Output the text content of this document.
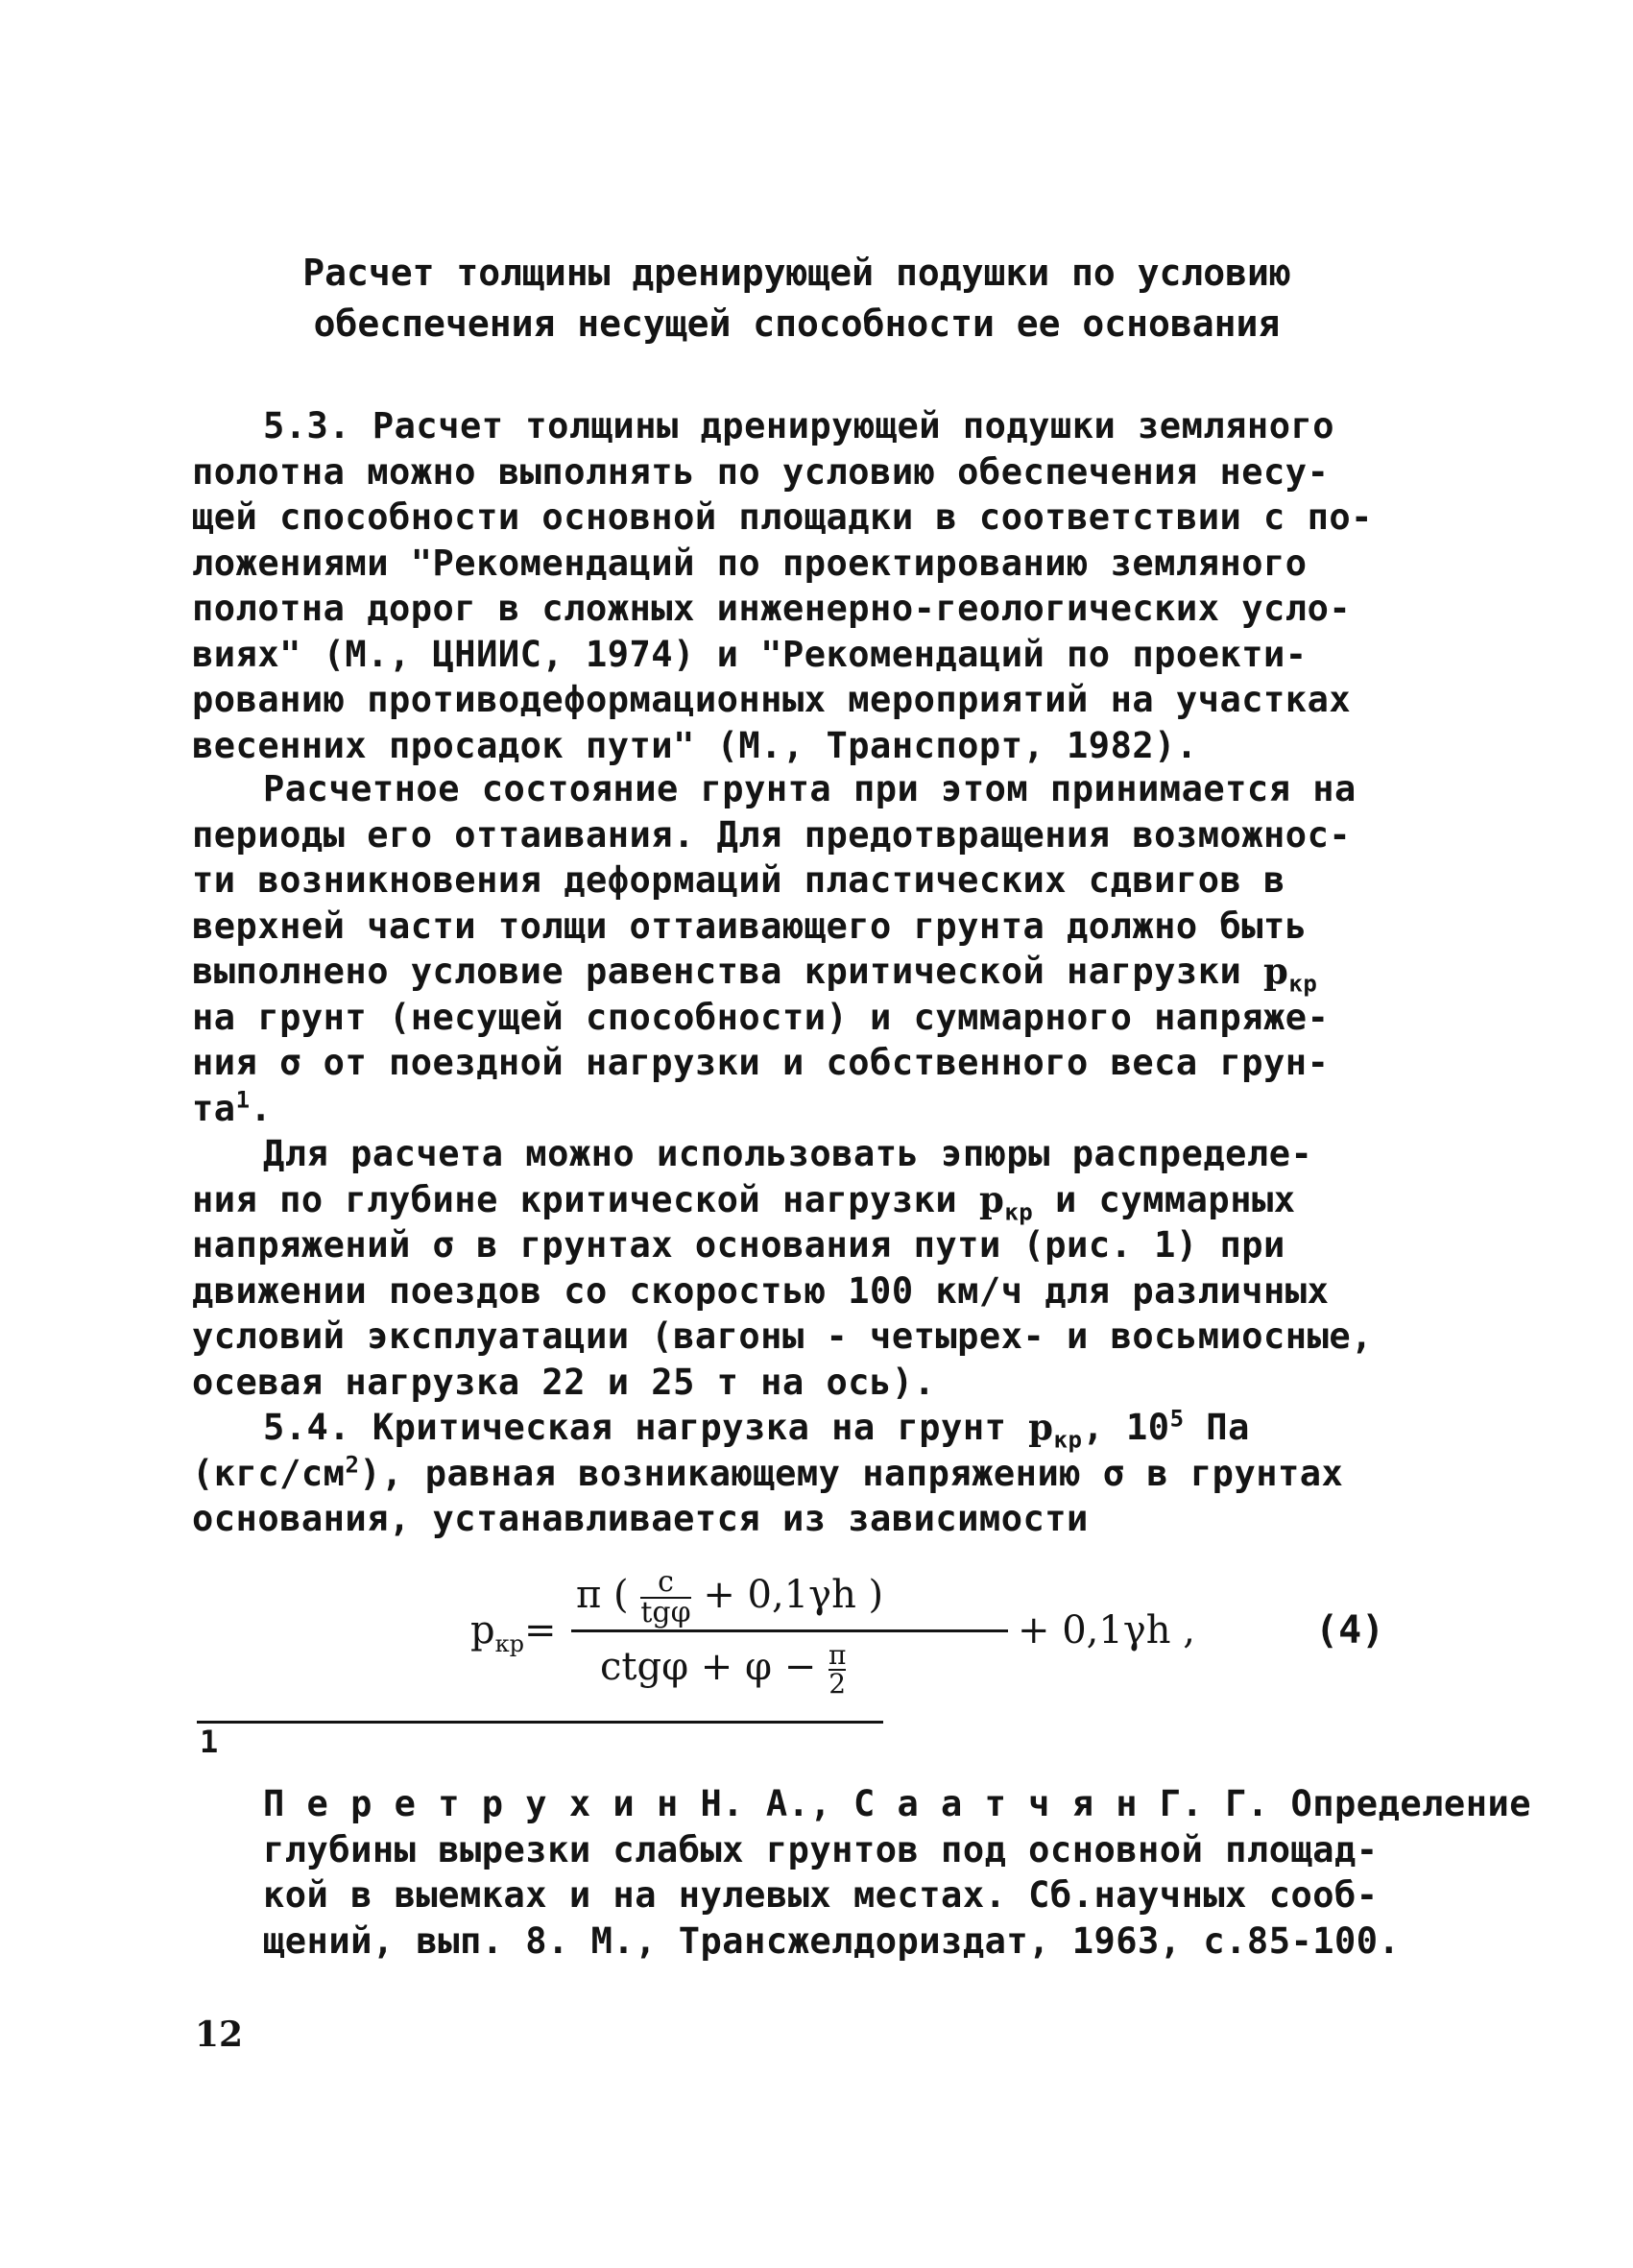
Расчет толщины дренирующей подушки по условию
обеспечения несущей способности ее основания
5.3. Расчет толщины дренирующей подушки земляного
полотна можно выполнять по условию обеспечения несу-
щей способности основной площадки в соответствии с по-
ложениями "Рекомендаций по проектированию земляного
полотна дорог в сложных инженерно-геологических усло-
виях" (М., ЦНИИС, 1974) и "Рекомендаций по проекти-
рованию противодеформационных мероприятий на участках
весенних просадок пути" (М., Транспорт, 1982).
Расчетное состояние грунта при этом принимается на
периоды его оттаивания. Для предотвращения возможнос-
ти возникновения деформаций пластических сдвигов в
верхней части толщи оттаивающего грунта должно быть
выполнено условие равенства критической нагрузки $p_{кр}$
на грунт (несущей способности) и суммарного напряже-
ния σ от поездной нагрузки и собственного веса грун-
$та^1$.
Для расчета можно использовать эпюры распределе-
ния по глубине критической нагрузки $p_{кр}$ и суммарных
напряжений σ в грунтах основания пути (рис. 1) при
движении поездов со скоростью 100 км/ч для различных
условий эксплуатации (вагоны - четырех- и восьмиосные,
осевая нагрузка 22 и 25 т на ось).
5.4. Критическая нагрузка на грунт $p_{кр}$, $10^5$ Па
$(кгс/см^2)$, равная возникающему напряжению σ в грунтах
основания, устанавливается из зависимости
$p_{кр}=$
π ( c
tgφ + 0,1γh )
$ctg\varphi + \varphi - \frac{\pi}{2}$
+ 0,1γh ,	(4)
1
П е р е т р у х и н Н. А., С а а т ч я н Г. Г. Определение
глубины вырезки слабых грунтов под основной площад-
кой в выемках и на нулевых местах. Сб.научных сооб-
щений, вып. 8. М., Трансжелдориздат, 1963, с.85-100.
12
